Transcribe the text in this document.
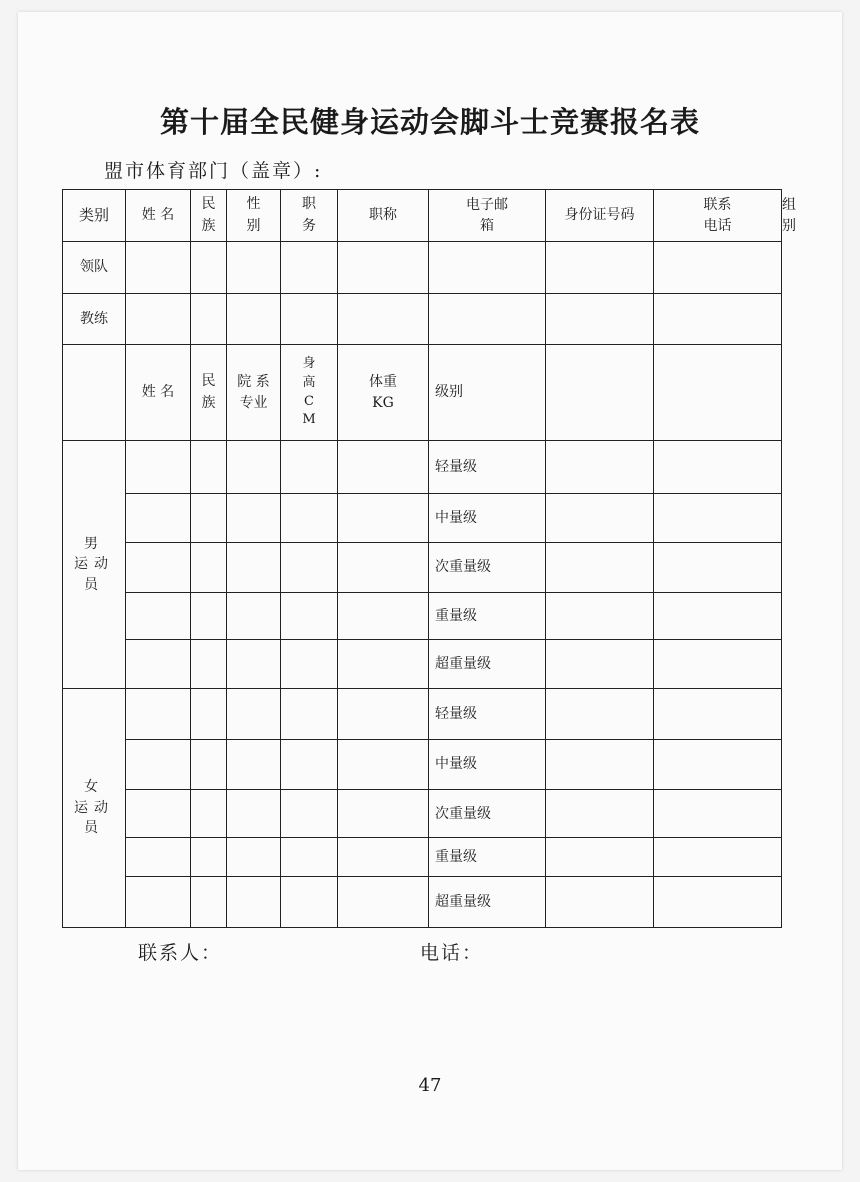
第十届全民健身运动会脚斗士竞赛报名表
盟市体育部门（盖章）:
类别	姓 名	民族	性别	职务	职称	电子邮箱	身份证号码	联系电话	
领队									
教练									
	姓 名	民族	院 系专业	身高CM	体重KG	级别			
男 运动员						轻量级			
						中量级			
						次重量级			
						重量级			
						超重量级			
女 运动员						轻量级			
						中量级			
						次重量级			
						重量级			
						超重量级			
联系人：	电话：
47
